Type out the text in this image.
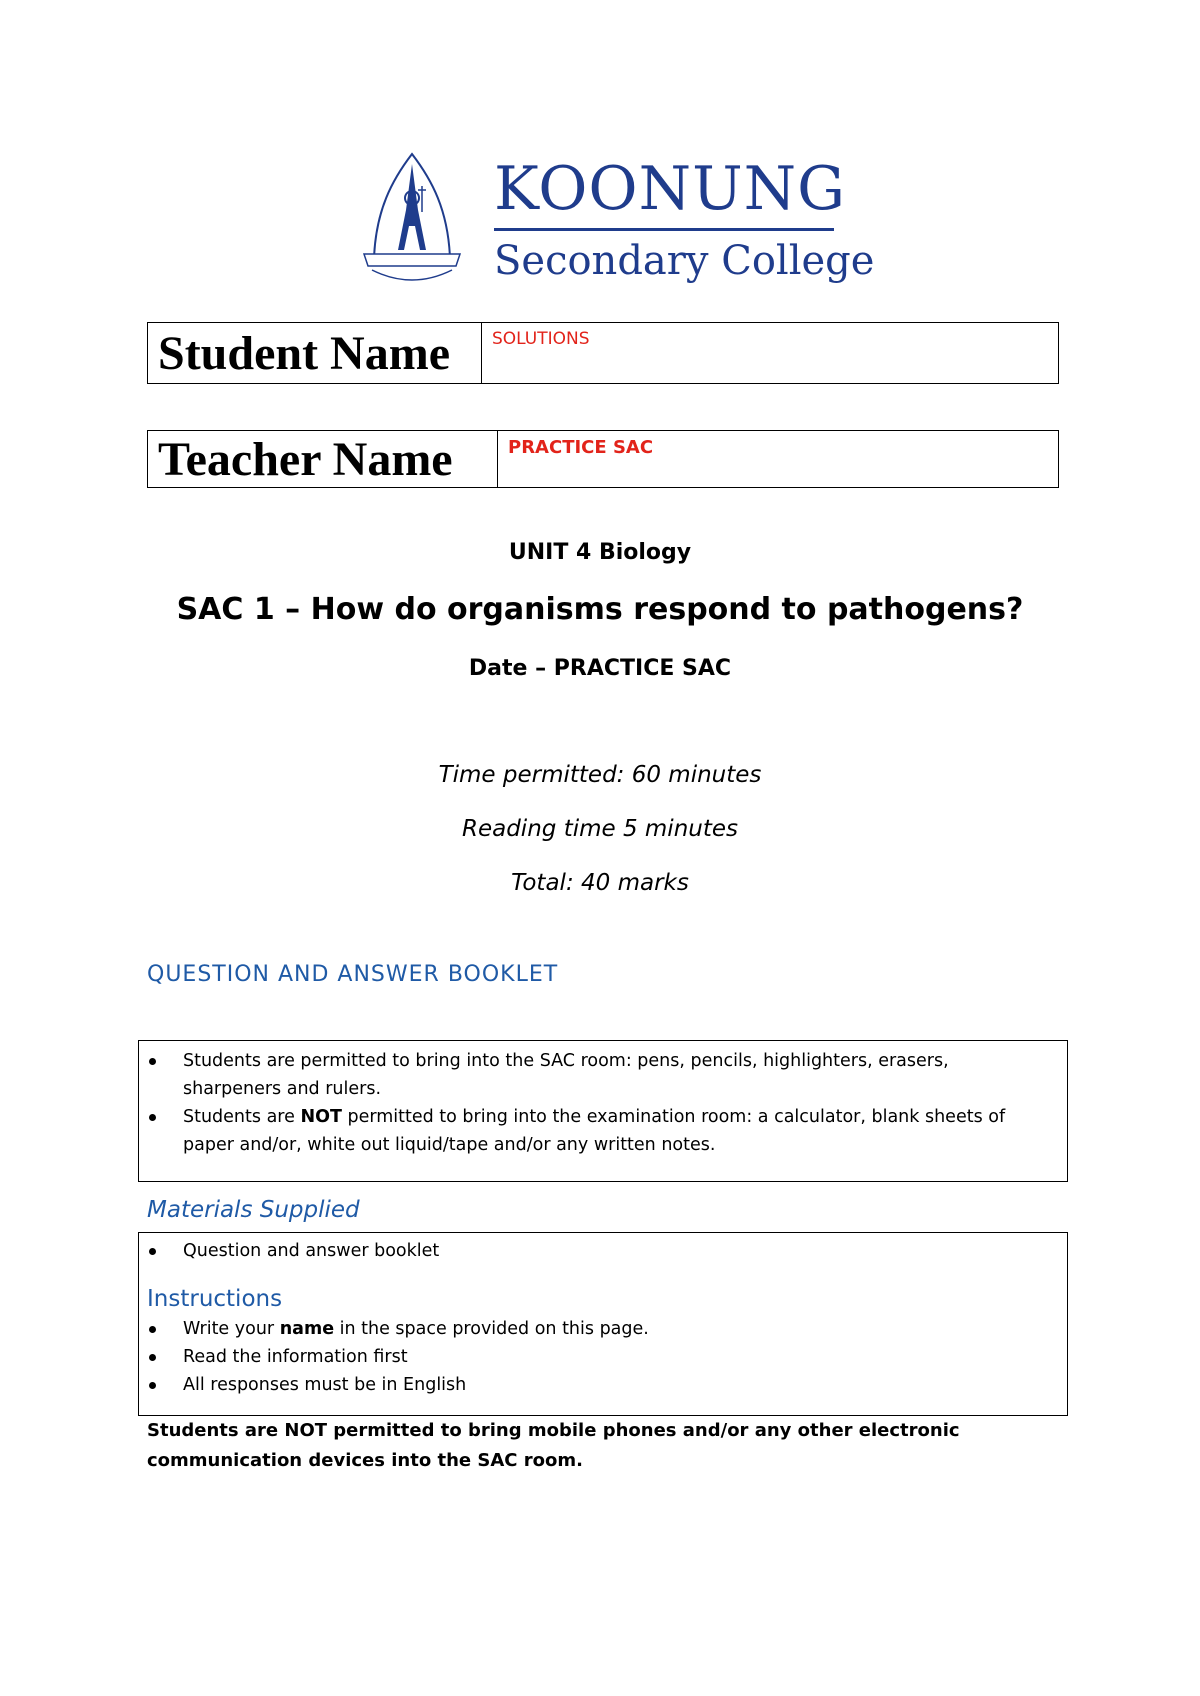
KOONUNG
Secondary College
Student Name	SOLUTIONS
Teacher Name	PRACTICE SAC
UNIT 4 Biology
SAC 1 – How do organisms respond to pathogens?
Date – PRACTICE SAC
Time permitted: 60 minutes
Reading time 5 minutes
Total: 40 marks
QUESTION AND ANSWER BOOKLET
Students are permitted to bring into the SAC room: pens, pencils, highlighters, erasers, sharpeners and rulers.
Students are NOT permitted to bring into the examination room: a calculator, blank sheets of paper and/or, white out liquid/tape and/or any written notes.
Materials Supplied
Question and answer booklet
Instructions
Write your name in the space provided on this page.
Read the information first
All responses must be in English
Students are NOT permitted to bring mobile phones and/or any other electronic communication devices into the SAC room.
